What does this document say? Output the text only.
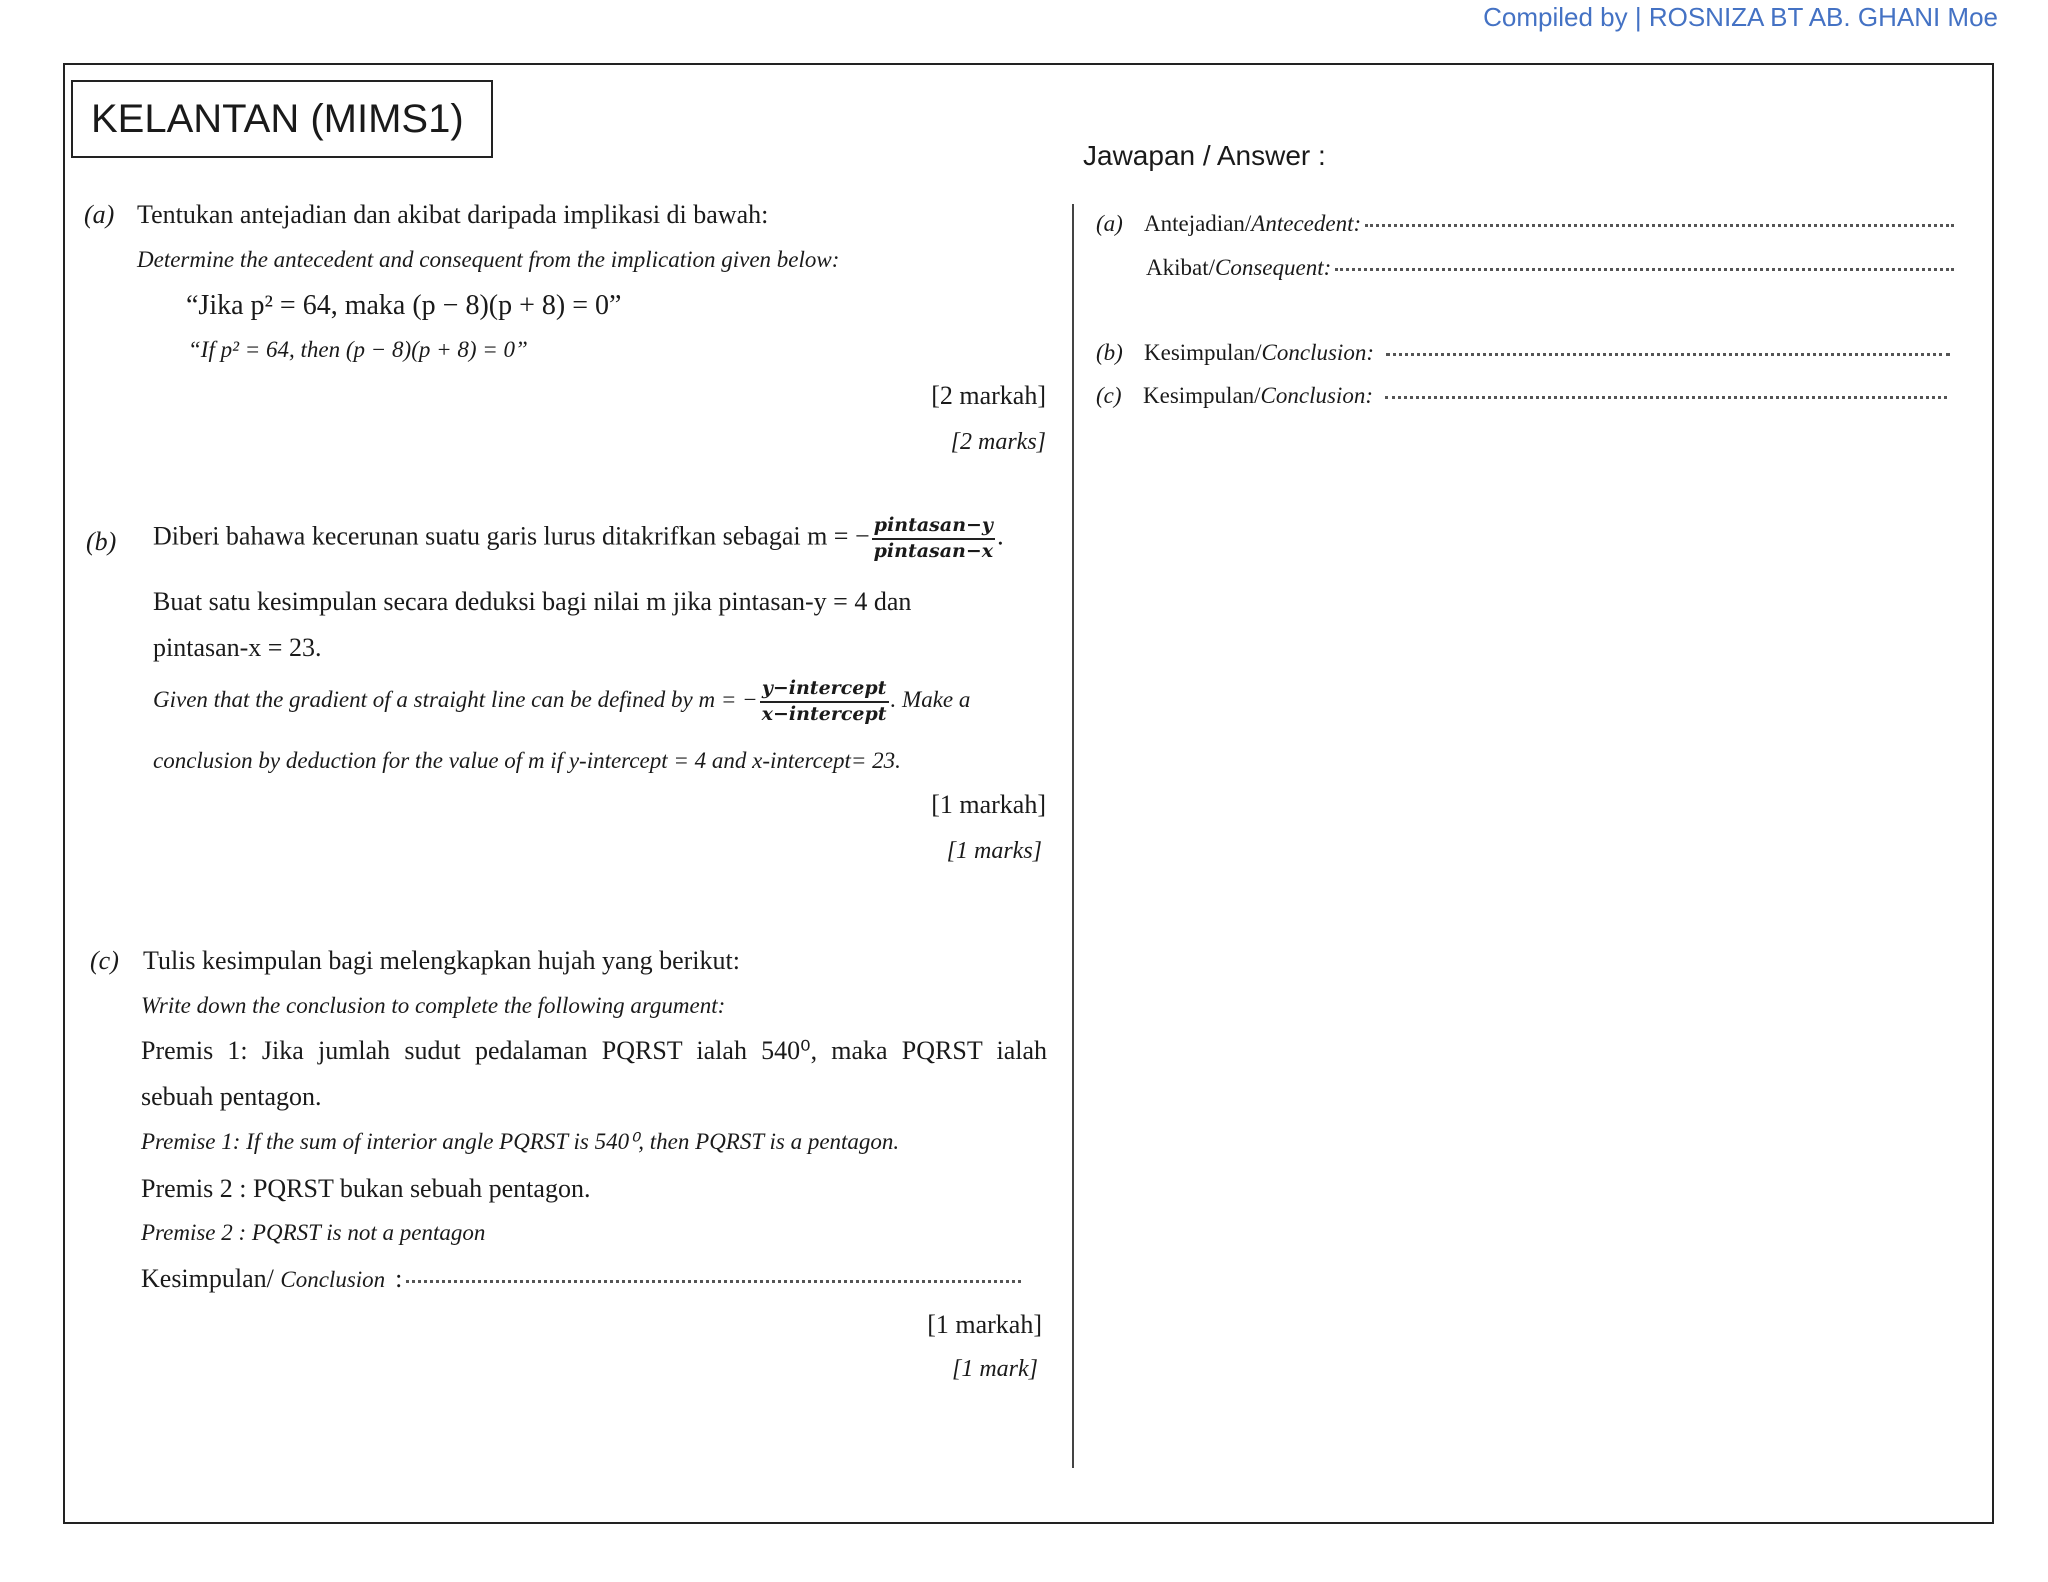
Compiled by | ROSNIZA BT AB. GHANI Moe
KELANTAN (MIMS1)
Jawapan / Answer :
(a) Tentukan antejadian dan akibat daripada implikasi di bawah:
Determine the antecedent and consequent from the implication given below:
“Jika p² = 64, maka (p − 8)(p + 8) = 0”
“If p² = 64, then (p − 8)(p + 8) = 0”
[2 markah]
[2 marks]
(b) Diberi bahawa kecerunan suatu garis lurus ditakrifkan sebagai m = − $\frac{\text{pintasan−y}}{\text{pintasan−x}}$ .
Buat satu kesimpulan secara deduksi bagi nilai m jika pintasan-y = 4 dan
pintasan-x = 23.
Given that the gradient of a straight line can be defined by m = − $\frac{\text{y−intercept}}{\text{x−intercept}}$ . Make a
conclusion by deduction for the value of m if y-intercept = 4 and x-intercept= 23.
[1 markah]
[1 marks]
(c) Tulis kesimpulan bagi melengkapkan hujah yang berikut:
Write down the conclusion to complete the following argument:
Premis 1: Jika jumlah sudut pedalaman PQRST ialah 540⁰, maka PQRST ialah
sebuah pentagon.
Premise 1: If the sum of interior angle PQRST is 540⁰, then PQRST is a pentagon.
Premis 2 : PQRST bukan sebuah pentagon.
Premise 2 : PQRST is not a pentagon
Kesimpulan/
Conclusion :
[1 markah]
[1 mark]
(a) Antejadian/ Antecedent:
Akibat/ Consequent:
(b) Kesimpulan/ Conclusion:
(c) Kesimpulan/ Conclusion:
